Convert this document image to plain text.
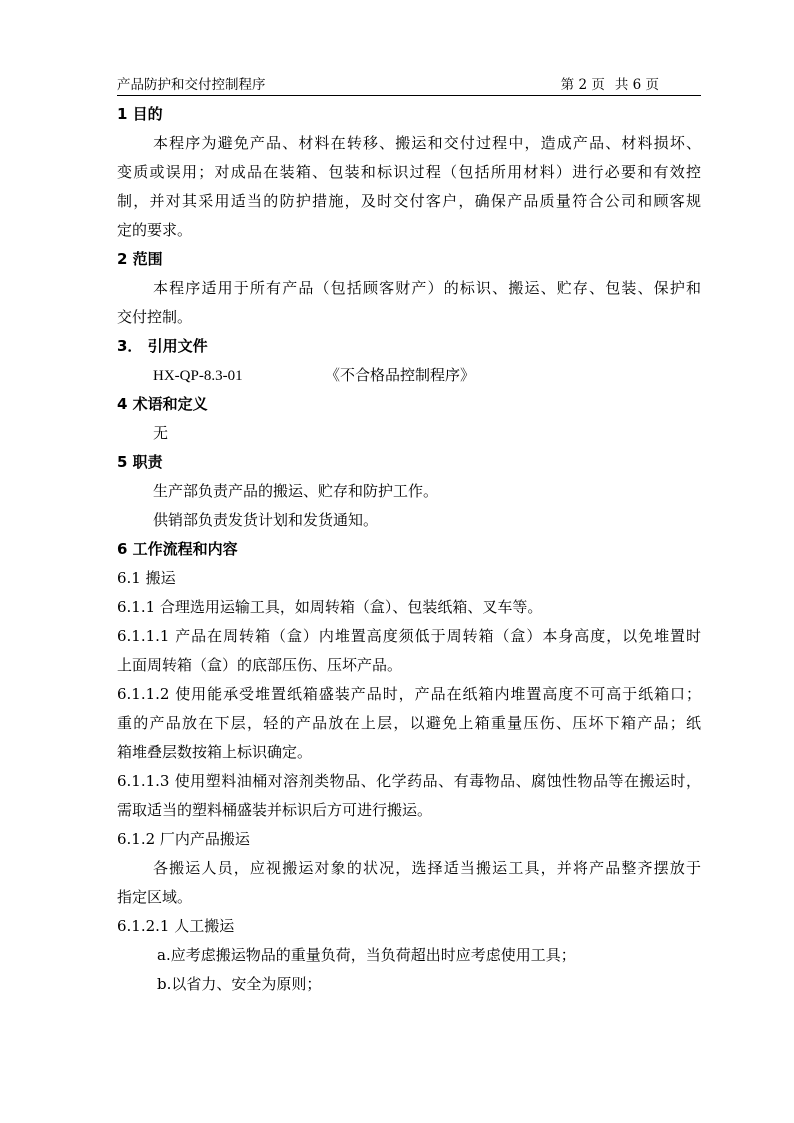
产品防护和交付控制程序	第 2 页 共 6 页
1 目的
本程序为避免产品、材料在转移、搬运和交付过程中，造成产品、材料损坏、
变质或误用；对成品在装箱、包装和标识过程（包括所用材料）进行必要和有效控
制，并对其采用适当的防护措施，及时交付客户，确保产品质量符合公司和顾客规
定的要求。
2 范围
本程序适用于所有产品（包括顾客财产）的标识、搬运、贮存、包装、保护和
交付控制。
3． 引用文件
HX-QP-8.3-01	《不合格品控制程序》
4 术语和定义
无
5 职责
生产部负责产品的搬运、贮存和防护工作。
供销部负责发货计划和发货通知。
6 工作流程和内容
6.1 搬运
6.1.1 合理选用运输工具，如周转箱（盒）、包装纸箱、叉车等。
6.1.1.1 产品在周转箱（盒）内堆置高度须低于周转箱（盒）本身高度，以免堆置时
上面周转箱（盒）的底部压伤、压坏产品。
6.1.1.2 使用能承受堆置纸箱盛装产品时，产品在纸箱内堆置高度不可高于纸箱口；
重的产品放在下层，轻的产品放在上层，以避免上箱重量压伤、压坏下箱产品；纸
箱堆叠层数按箱上标识确定。
6.1.1.3 使用塑料油桶对溶剂类物品、化学药品、有毒物品、腐蚀性物品等在搬运时，
需取适当的塑料桶盛装并标识后方可进行搬运。
6.1.2 厂内产品搬运
各搬运人员，应视搬运对象的状况，选择适当搬运工具，并将产品整齐摆放于
指定区域。
6.1.2.1 人工搬运
a.应考虑搬运物品的重量负荷，当负荷超出时应考虑使用工具；
b.以省力、安全为原则；
